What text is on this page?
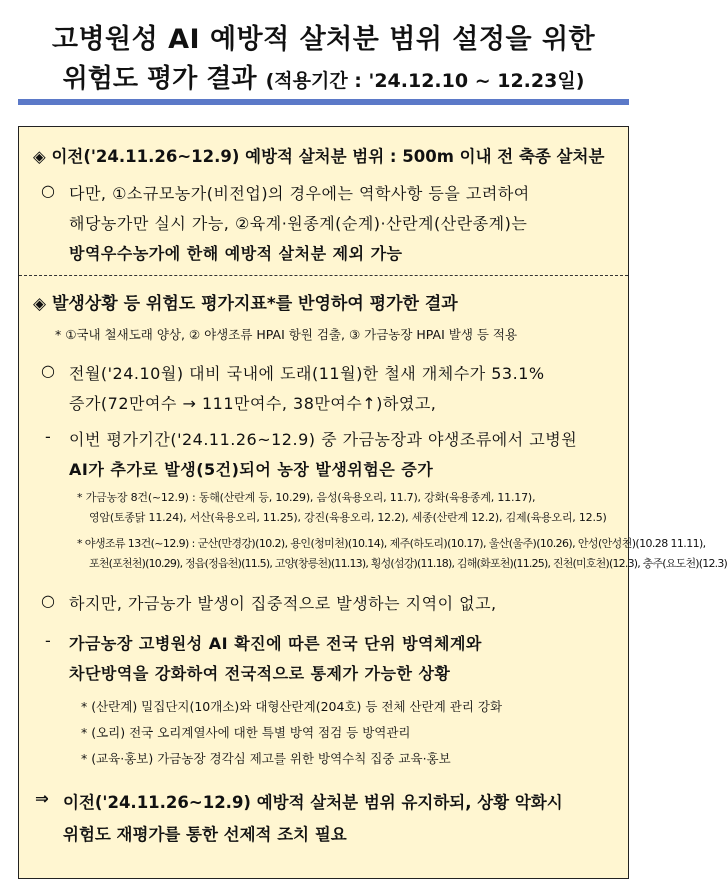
고병원성 AI 예방적 살처분 범위 설정을 위한
위험도 평가 결과 (적용기간 : '24.12.10 ~ 12.23일)
◈ 이전('24.11.26~12.9) 예방적 살처분 범위 : 500m 이내 전 축종 살처분
○ 다만, ①소규모농가(비전업)의 경우에는 역학사항 등을 고려하여
해당농가만 실시 가능, ②육계·원종계(순계)·산란계(산란종계)는
방역우수농가에 한해 예방적 살처분 제외 가능
◈ 발생상황 등 위험도 평가지표*를 반영하여 평가한 결과
* ①국내 철새도래 양상, ② 야생조류 HPAI 항원 검출, ③ 가금농장 HPAI 발생 등 적용
○ 전월('24.10월) 대비 국내에 도래(11월)한 철새 개체수가 53.1%
증가(72만여수 → 111만여수, 38만여수↑)하였고,
- 이번 평가기간('24.11.26~12.9) 중 가금농장과 야생조류에서 고병원
AI가 추가로 발생(5건)되어 농장 발생위험은 증가
* 가금농장 8건(~12.9) : 동해(산란계 등, 10.29), 음성(육용오리, 11.7), 강화(육용종계, 11.17),
영암(토종닭 11.24), 서산(육용오리, 11.25), 강진(육용오리, 12.2), 세종(산란계 12.2), 김제(육용오리, 12.5)
* 야생조류 13건(~12.9) : 군산(만경강)(10.2), 용인(청미천)(10.14), 제주(하도리)(10.17), 울산(울주)(10.26), 안성(안성천)(10.28 11.11),
포천(포천천)(10.29), 정읍(정읍천)(11.5), 고양(창릉천)(11.13), 횡성(섬강)(11.18), 김해(화포천)(11.25), 진천(미호천)(12.3), 충주(요도천)(12.3)
○ 하지만, 가금농가 발생이 집중적으로 발생하는 지역이 없고,
- 가금농장 고병원성 AI 확진에 따른 전국 단위 방역체계와
차단방역을 강화하여 전국적으로 통제가 가능한 상황
* (산란계) 밀집단지(10개소)와 대형산란계(204호) 등 전체 산란계 관리 강화
* (오리) 전국 오리계열사에 대한 특별 방역 점검 등 방역관리
* (교육·홍보) 가금농장 경각심 제고를 위한 방역수칙 집중 교육·홍보
⇒ 이전('24.11.26~12.9) 예방적 살처분 범위 유지하되, 상황 악화시
위험도 재평가를 통한 선제적 조치 필요
